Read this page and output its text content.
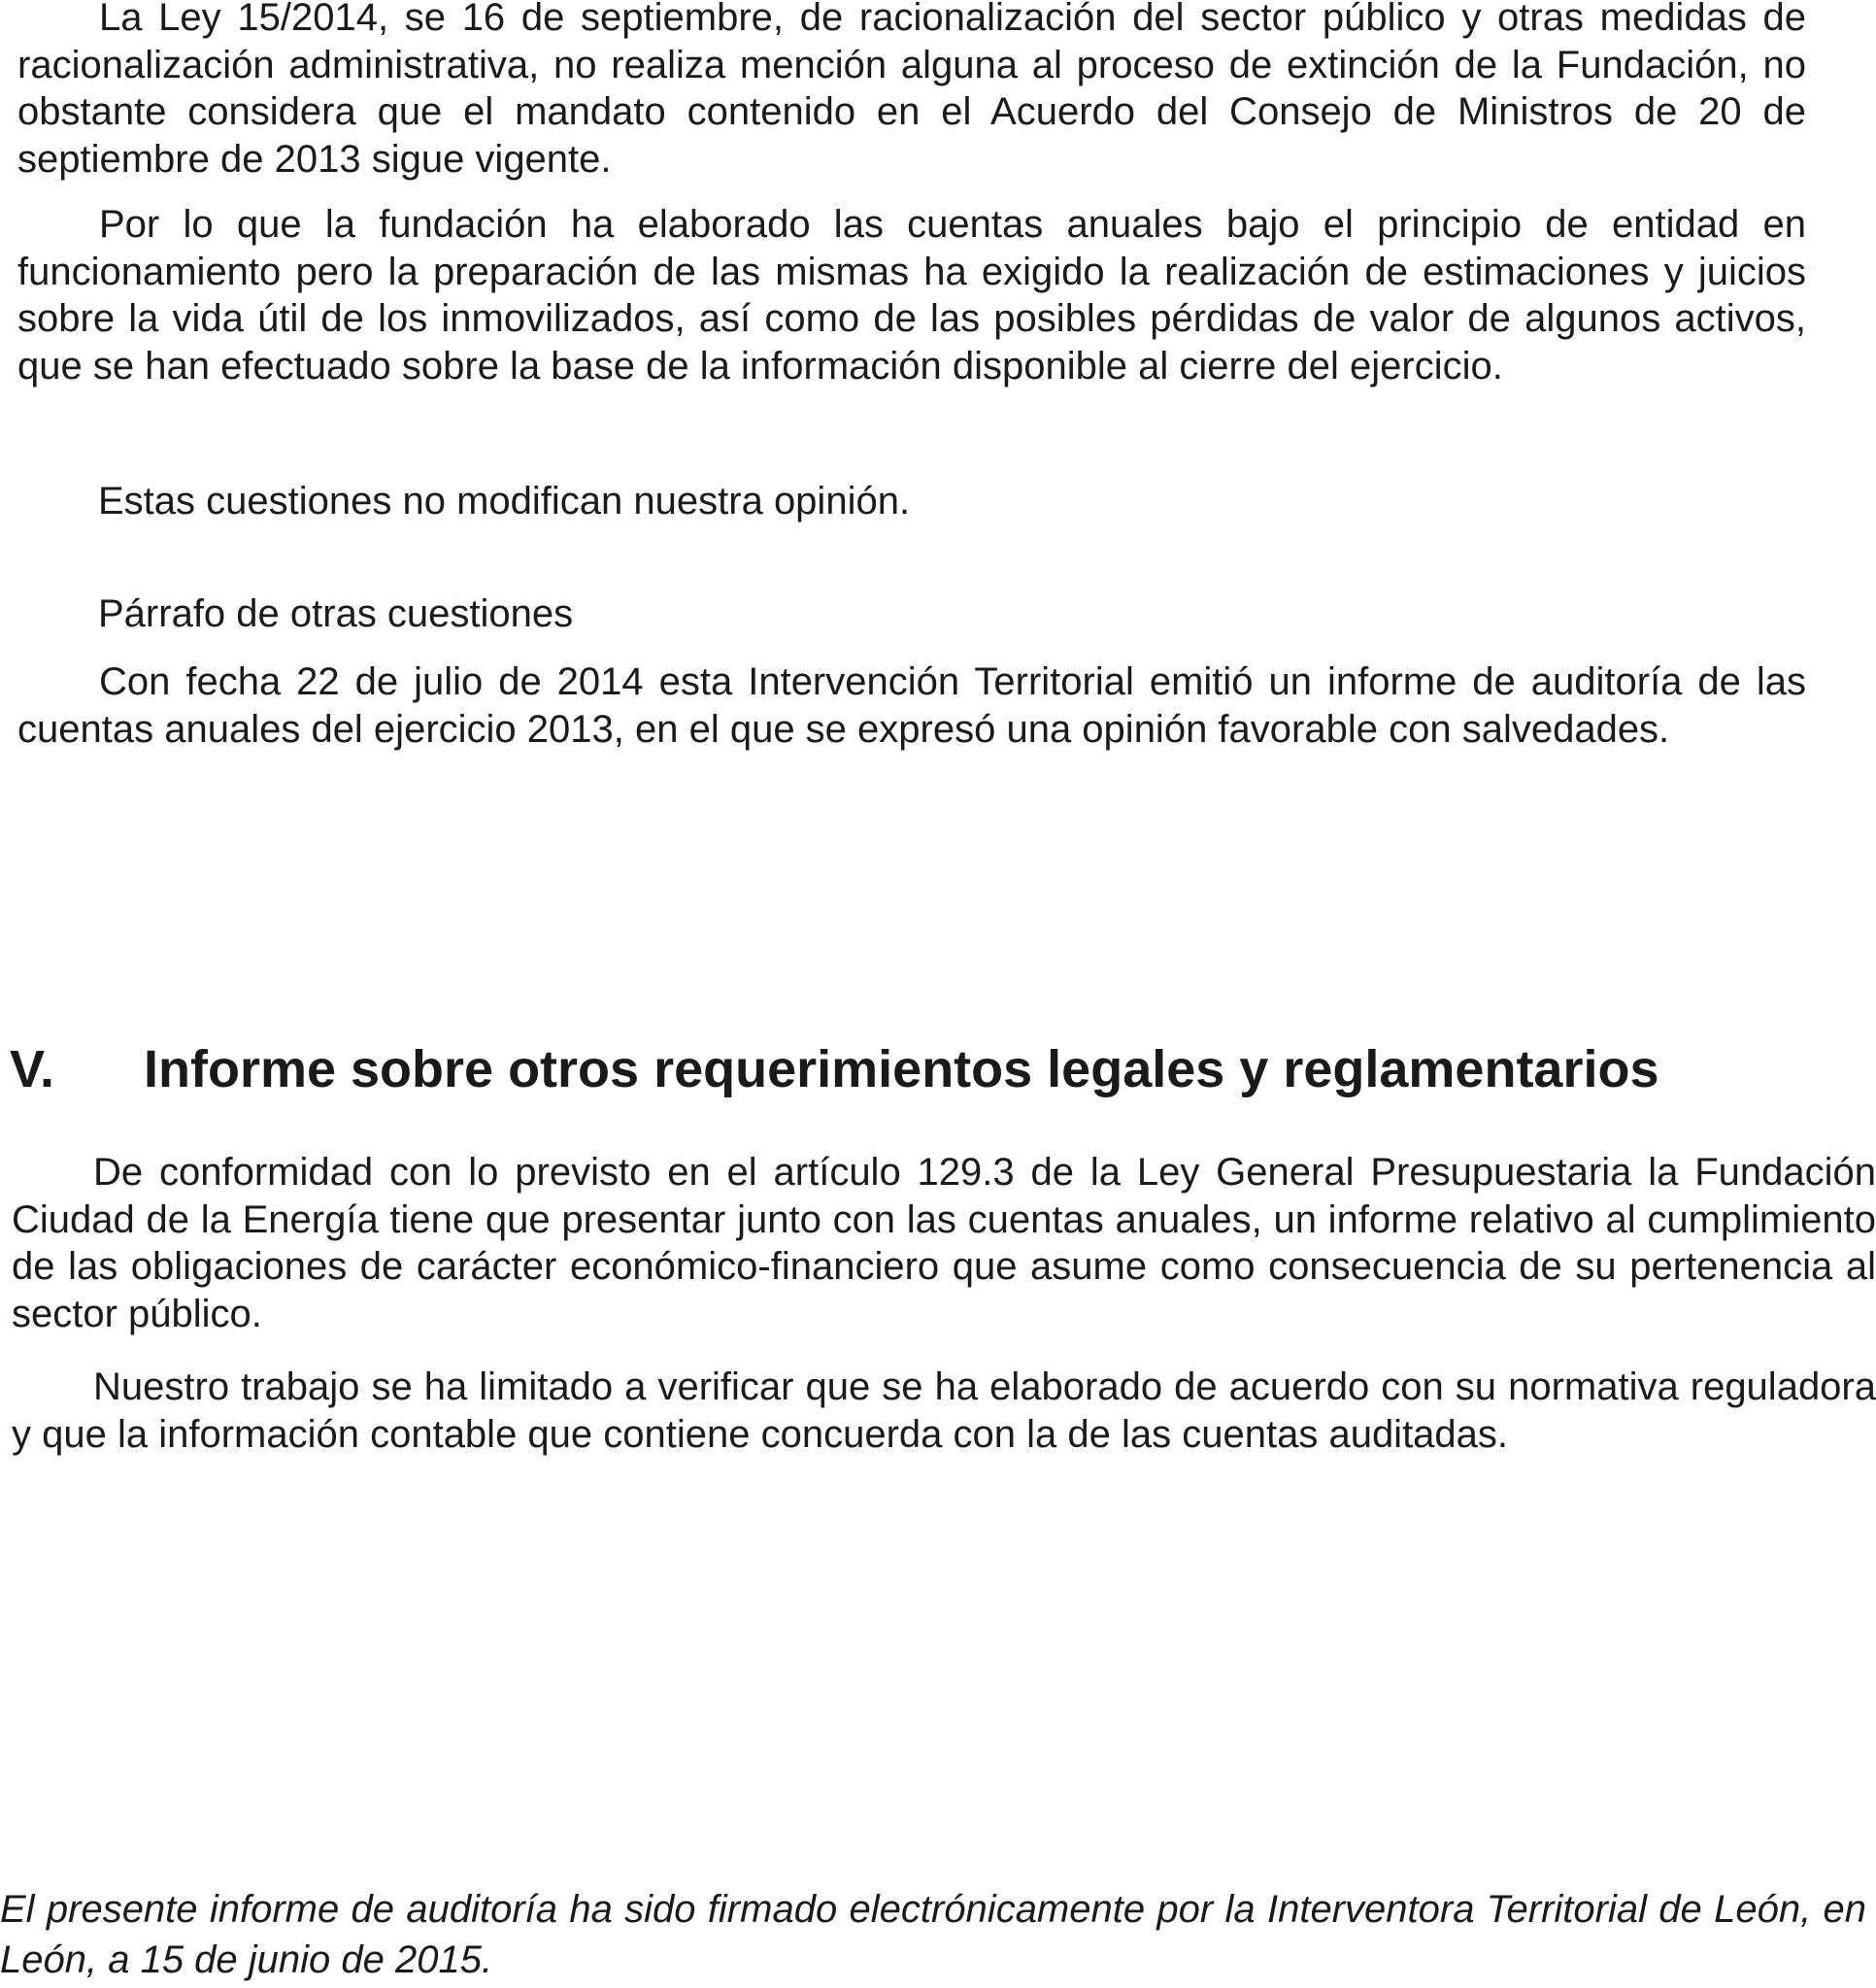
La Ley 15/2014, se 16 de septiembre, de racionalización del sector público y otras medidas de racionalización administrativa, no realiza mención alguna al proceso de extinción de la Fundación, no obstante considera que el mandato contenido en el Acuerdo del Consejo de Ministros de 20 de septiembre de 2013 sigue vigente.

Por lo que la fundación ha elaborado las cuentas anuales bajo el principio de entidad en funcionamiento pero la preparación de las mismas ha exigido la realización de estimaciones y juicios sobre la vida útil de los inmovilizados, así como de las posibles pérdidas de valor de algunos activos, que se han efectuado sobre la base de la información disponible al cierre del ejercicio.

Estas cuestiones no modifican nuestra opinión.

Párrafo de otras cuestiones

Con fecha 22 de julio de 2014 esta Intervención Territorial emitió un informe de auditoría de las cuentas anuales del ejercicio 2013, en el que se expresó una opinión favorable con salvedades.

V. Informe sobre otros requerimientos legales y reglamentarios

De conformidad con lo previsto en el artículo 129.3 de la Ley General Presupuestaria la Fundación Ciudad de la Energía tiene que presentar junto con las cuentas anuales, un informe relativo al cumplimiento de las obligaciones de carácter económico-financiero que asume como consecuencia de su pertenencia al sector público.

Nuestro trabajo se ha limitado a verificar que se ha elaborado de acuerdo con su normativa reguladora y que la información contable que contiene concuerda con la de las cuentas auditadas.

El presente informe de auditoría ha sido firmado electrónicamente por la Interventora Territorial de León, en León, a 15 de junio de 2015.
